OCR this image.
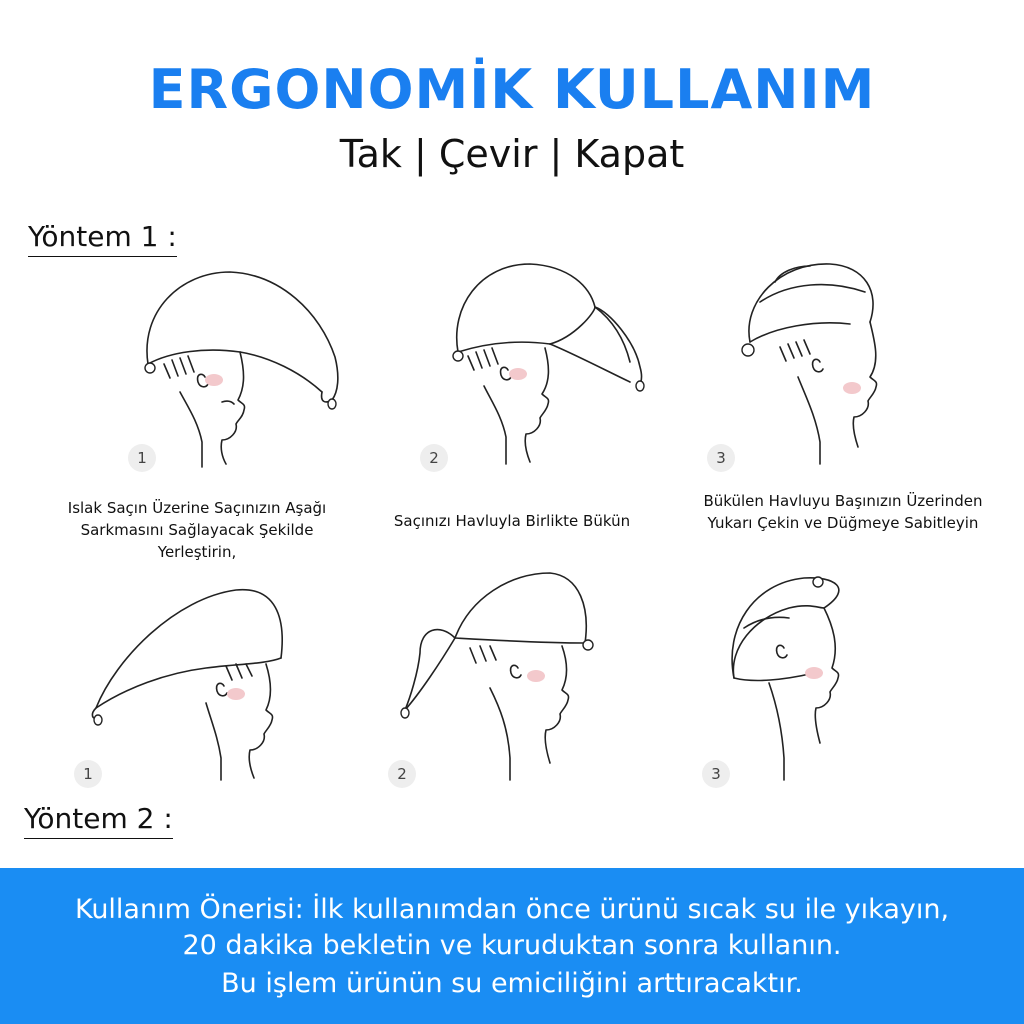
ERGONOMİK KULLANIM
Tak | Çevir | Kapat
Yöntem 1 :
1	2	3
Islak Saçın Üzerine Saçınızın Aşağı Sarkmasını Sağlayacak Şekilde Yerleştirin,
Saçınızı Havluyla Birlikte Bükün
Bükülen Havluyu Başınızın Üzerinden Yukarı Çekin ve Düğmeye Sabitleyin
1	2	3
Yöntem 2 :
Kullanım Önerisi: İlk kullanımdan önce ürünü sıcak su ile yıkayın,
20 dakika bekletin ve kuruduktan sonra kullanın.
Bu işlem ürünün su emiciliğini arttıracaktır.
